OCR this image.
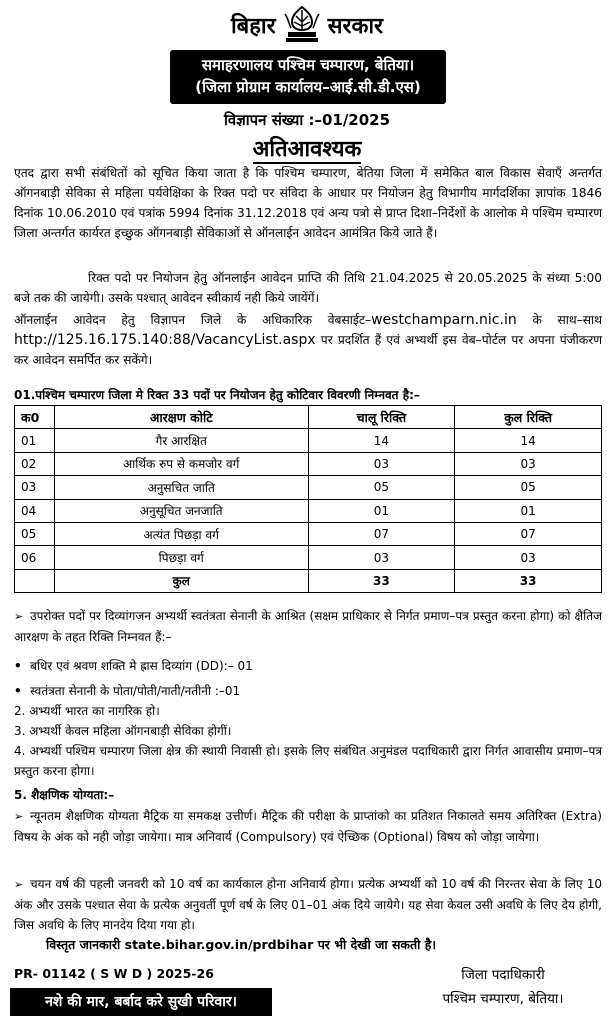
बिहार सरकार
समाहरणालय पश्चिम चम्पारण, बेतिया।
(जिला प्रोग्राम कार्यालय–आई.सी.डी.एस)
विज्ञापन संख्या :–01/2025
अतिआवश्यक
एतद द्वारा सभी संबंधितों को सूचित किया जाता है कि पश्चिम चम्पारण, बेतिया जिला में समेकित बाल विकास सेवाएँ अन्तर्गत ऑगनबाड़ी सेविका से महिला पर्यवेक्षिका के रिक्त पदो पर संविदा के आधार पर नियोजन हेतु विभागीय मार्गदर्शिका ज्ञापांक 1846 दिनांक 10.06.2010 एवं पत्रांक 5994 दिनांक 31.12.2018 एवं अन्य पत्रो से प्राप्त दिशा–निर्देशों के आलोक मे पश्चिम चम्पारण जिला अन्तर्गत कार्यरत इच्छुक ऑगनबाड़ी सेविकाओं से ऑनलाईन आवेदन आमंत्रित किये जाते हैं।
रिक्त पदो पर नियोजन हेतु ऑनलाईन आवेदन प्राप्ति की तिथि 21.04.2025 से 20.05.2025 के संध्या 5:00 बजे तक की जायेगी। उसके पश्चात् आवेदन स्वीकार्य नही किये जायेंगें।
ऑनलाईन आवेदन हेतु विज्ञापन जिले के अधिकारिक वेबसाईट–westchamparn.nic.in के साथ–साथ http://125.16.175.140:88/VacancyList.aspx पर प्रदर्शित हैं एवं अभ्यर्थी इस वेब–पोर्टल पर अपना पंजीकरण कर आवेदन समर्पित कर सकेंगे।
01.पश्चिम चम्पारण जिला मे रिक्त 33 पदों पर नियोजन हेतु कोटिवार विवरणी निम्नवत है:–
क0	आरक्षण कोटि	चालू रिक्ति	कुल रिक्ति
01	गैर आरक्षित	14	14
02	आर्थिक रुप से कमजोर वर्ग	03	03
03	अनुसचित जाति	05	05
04	अनुसूचित जनजाति	01	01
05	अत्यंत पिछड़ा वर्ग	07	07
06	पिछड़ा वर्ग	03	03
	कुल	33	33
➢ उपरोक्त पदों पर दिव्यांगजन अभ्यर्थी स्वतंत्रता सेनानी के आश्रित (सक्षम प्राधिकार से निर्गत प्रमाण–पत्र प्रस्तुत करना होगा) को क्षैतिज आरक्षण के तहत रिक्ति निम्नवत हैं:–
• बधिर एवं श्रवण शक्ति मे ह्रास दिव्यांग (DD):– 01
• स्वतंत्रता सेनानी के पोता/पोती/नाती/नतीनी :–01
2. अभ्यर्थी भारत का नागरिक हो।
3. अभ्यर्थी केवल महिला ऑगनबाड़ी सेविका होगीं।
4. अभ्यर्थी पश्चिम चम्पारण जिला क्षेत्र की स्थायी निवासी हो। इसके लिए संबंधित अनुमंडल पदाधिकारी द्वारा निर्गत आवासीय प्रमाण–पत्र प्रस्तुत करना होगा।
5. शैक्षणिक योग्यता:–
➢ न्यूनतम शैक्षणिक योग्यता मैट्रिक या समकक्ष उत्तीर्ण। मैट्रिक की परीक्षा के प्राप्तांको का प्रतिशत निकालते समय अतिरिक्त (Extra) विषय के अंक को नही जोड़ा जायेगा। मात्र अनिवार्य (Compulsory) एवं ऐच्छिक (Optional) विषय को जोड़ा जायेगा।
➢ चयन वर्ष की पहली जनवरी को 10 वर्ष का कार्यकाल होना अनिवार्य होगा। प्रत्येक अभ्यर्थी को 10 वर्ष की निरन्तर सेवा के लिए 10 अंक और उसके पश्चात सेवा के प्रत्येक अनुवर्ती पूर्ण वर्ष के लिए 01–01 अंक दिये जायेगे। यह सेवा केवल उसी अवधि के लिए देय होगी, जिस अवधि के लिए मानदेय दिया गया हो।
विस्तृत जानकारी state.bihar.gov.in/prdbihar पर भी देखी जा सकती है।
PR- 01142 ( S W D ) 2025-26
नशे की मार, बर्बाद करे सुखी परिवार।
जिला पदाधिकारी
पश्चिम चम्पारण, बेतिया।
